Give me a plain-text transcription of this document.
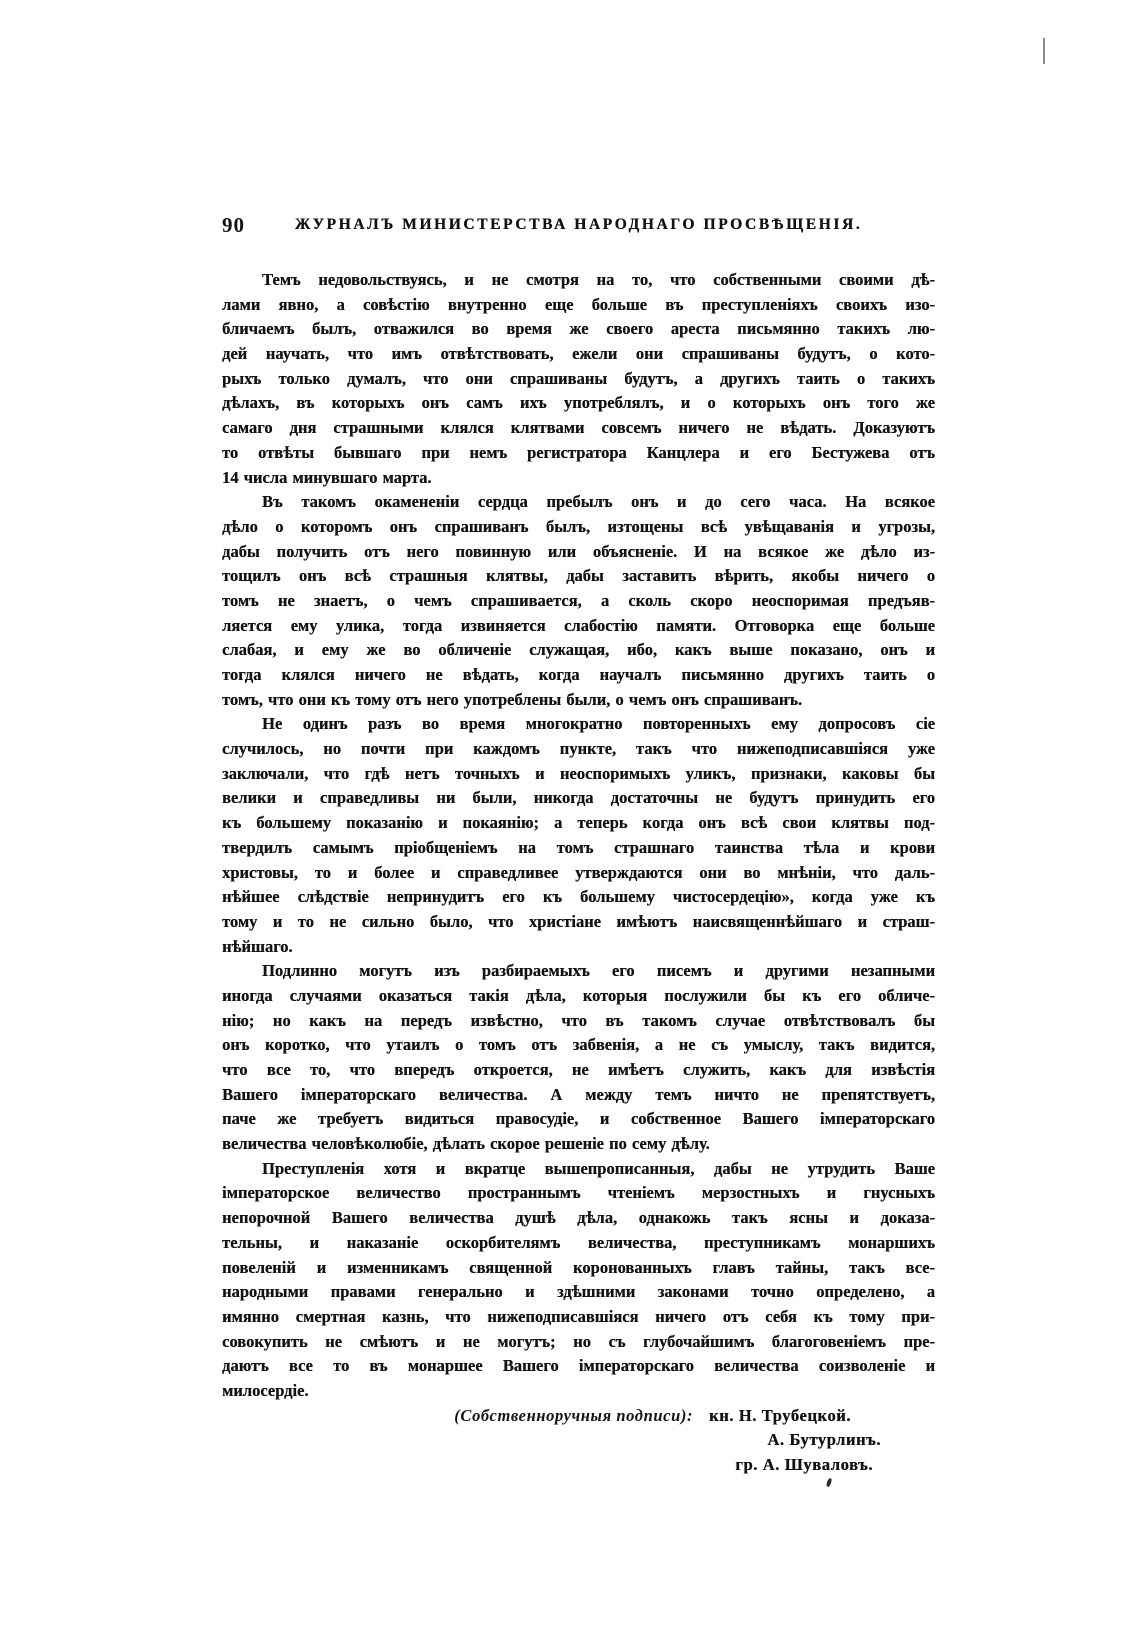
90	ЖУРНАЛЪ МИНИСТЕРСТВА НАРОДНАГО ПРОСВѢЩЕНІЯ.
Темъ недовольствуясь, и не смотря на то, что собственными своими дѣ-
лами явно, а совѣстію внутренно еще больше въ преступленіяхъ своихъ изо-
бличаемъ былъ, отважился во время же своего ареста письмянно такихъ лю-
дей научать, что имъ отвѣтствовать, ежели они спрашиваны будутъ, о кото-
рыхъ только думалъ, что они спрашиваны будутъ, а другихъ таить о такихъ
дѣлахъ, въ которыхъ онъ самъ ихъ употреблялъ, и о которыхъ онъ того же
самаго дня страшными клялся клятвами совсемъ ничего не вѣдать. Доказуютъ
то отвѣты бывшаго при немъ регистратора Канцлера и его Бестужева отъ
14 числа минувшаго марта.
Въ такомъ окамененіи сердца пребылъ онъ и до сего часа. На всякое
дѣло о которомъ онъ спрашиванъ былъ, изтощены всѣ увѣщаванія и угрозы,
дабы получить отъ него повинную или объясненіе. И на всякое же дѣло из-
тощилъ онъ всѣ страшныя клятвы, дабы заставить вѣрить, якобы ничего о
томъ не знаетъ, о чемъ спрашивается, а сколь скоро неоспоримая предъяв-
ляется ему улика, тогда извиняется слабостію памяти. Отговорка еще больше
слабая, и ему же во обличеніе служащая, ибо, какъ выше показано, онъ и
тогда клялся ничего не вѣдать, когда научалъ письмянно другихъ таить о
томъ, что они къ тому отъ него употреблены были, о чемъ онъ спрашиванъ.
Не одинъ разъ во время многократно повторенныхъ ему допросовъ сіе
случилось, но почти при каждомъ пункте, такъ что нижеподписавшіяся уже
заключали, что гдѣ нетъ точныхъ и неоспоримыхъ уликъ, признаки, каковы бы
велики и справедливы ни были, никогда достаточны не будутъ принудить его
къ большему показанію и покаянію; а теперь когда онъ всѣ свои клятвы под-
твердилъ самымъ пріобщеніемъ на томъ страшнаго таинства тѣла и крови
христовы, то и более и справедливее утверждаются они во мнѣніи, что даль-
нѣйшее слѣдствіе непринудитъ его къ большему чистосердецію», когда уже къ
тому и то не сильно было, что христіане имѣютъ наисвященнѣйшаго и страш-
нѣйшаго.
Подлинно могутъ изъ разбираемыхъ его писемъ и другими незапными
иногда случаями оказаться такія дѣла, которыя послужили бы къ его обличе-
нію; но какъ на передъ извѣстно, что въ такомъ случае отвѣтствовалъ бы
онъ коротко, что утаилъ о томъ отъ забвенія, а не съ умыслу, такъ видится,
что все то, что впередъ откроется, не имѣетъ служить, какъ для извѣстія
Вашего імператорскаго величества. А между темъ ничто не препятствуетъ,
паче же требуетъ видиться правосудіе, и собственное Вашего імператорскаго
величества человѣколюбіе, дѣлать скорое решеніе по сему дѣлу.
Преступленія хотя и вкратце вышепрописанныя, дабы не утрудить Ваше
імператорское величество пространнымъ чтеніемъ мерзостныхъ и гнусныхъ
непорочной Вашего величества душѣ дѣла, однакожь такъ ясны и доказа-
тельны, и наказаніе оскорбителямъ величества, преступникамъ монаршихъ
повеленій и изменникамъ священной коронованныхъ главъ тайны, такъ все-
народными правами генерально и здѣшними законами точно определено, а
имянно смертная казнь, что нижеподписавшіяся ничего отъ себя къ тому при-
совокупить не смѣютъ и не могутъ; но съ глубочайшимъ благоговеніемъ пре-
даютъ все то въ монаршее Вашего імператорскаго величества соизволеніе и
милосердіе.
(Собственноручныя подписи): кн. Н. Трубецкой.
А. Бутурлинъ.
гр. А. Шуваловъ.
